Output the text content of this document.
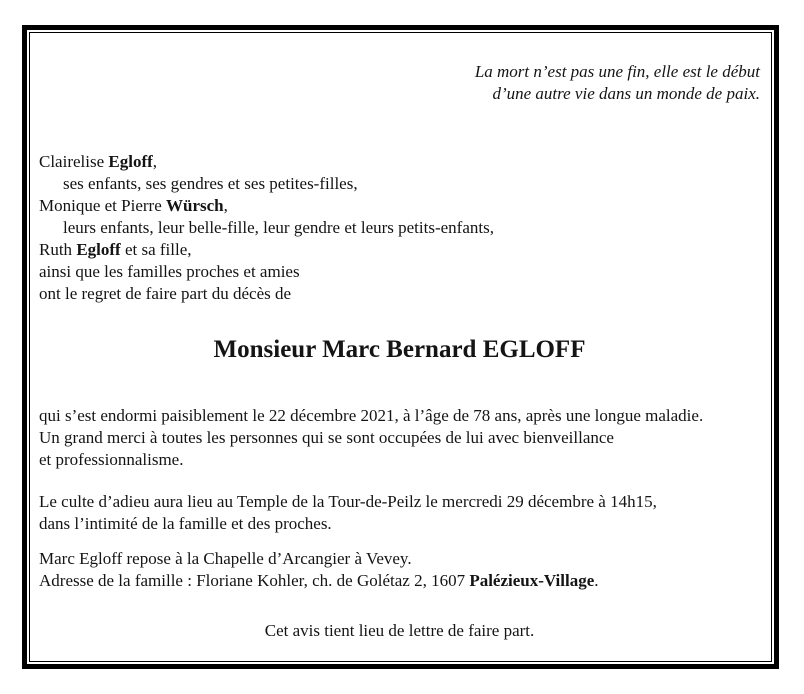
La mort n’est pas une fin, elle est le début
d’une autre vie dans un monde de paix.
Clairelise Egloff,
ses enfants, ses gendres et ses petites-filles,
Monique et Pierre Würsch,
leurs enfants, leur belle-fille, leur gendre et leurs petits-enfants,
Ruth Egloff et sa fille,
ainsi que les familles proches et amies
ont le regret de faire part du décès de
Monsieur Marc Bernard EGLOFF
qui s’est endormi paisiblement le 22 décembre 2021, à l’âge de 78 ans, après une longue maladie.
Un grand merci à toutes les personnes qui se sont occupées de lui avec bienveillance
et professionnalisme.
Le culte d’adieu aura lieu au Temple de la Tour-de-Peilz le mercredi 29 décembre à 14h15,
dans l’intimité de la famille et des proches.
Marc Egloff repose à la Chapelle d’Arcangier à Vevey.
Adresse de la famille : Floriane Kohler, ch. de Golétaz 2, 1607 Palézieux-Village.
Cet avis tient lieu de lettre de faire part.
